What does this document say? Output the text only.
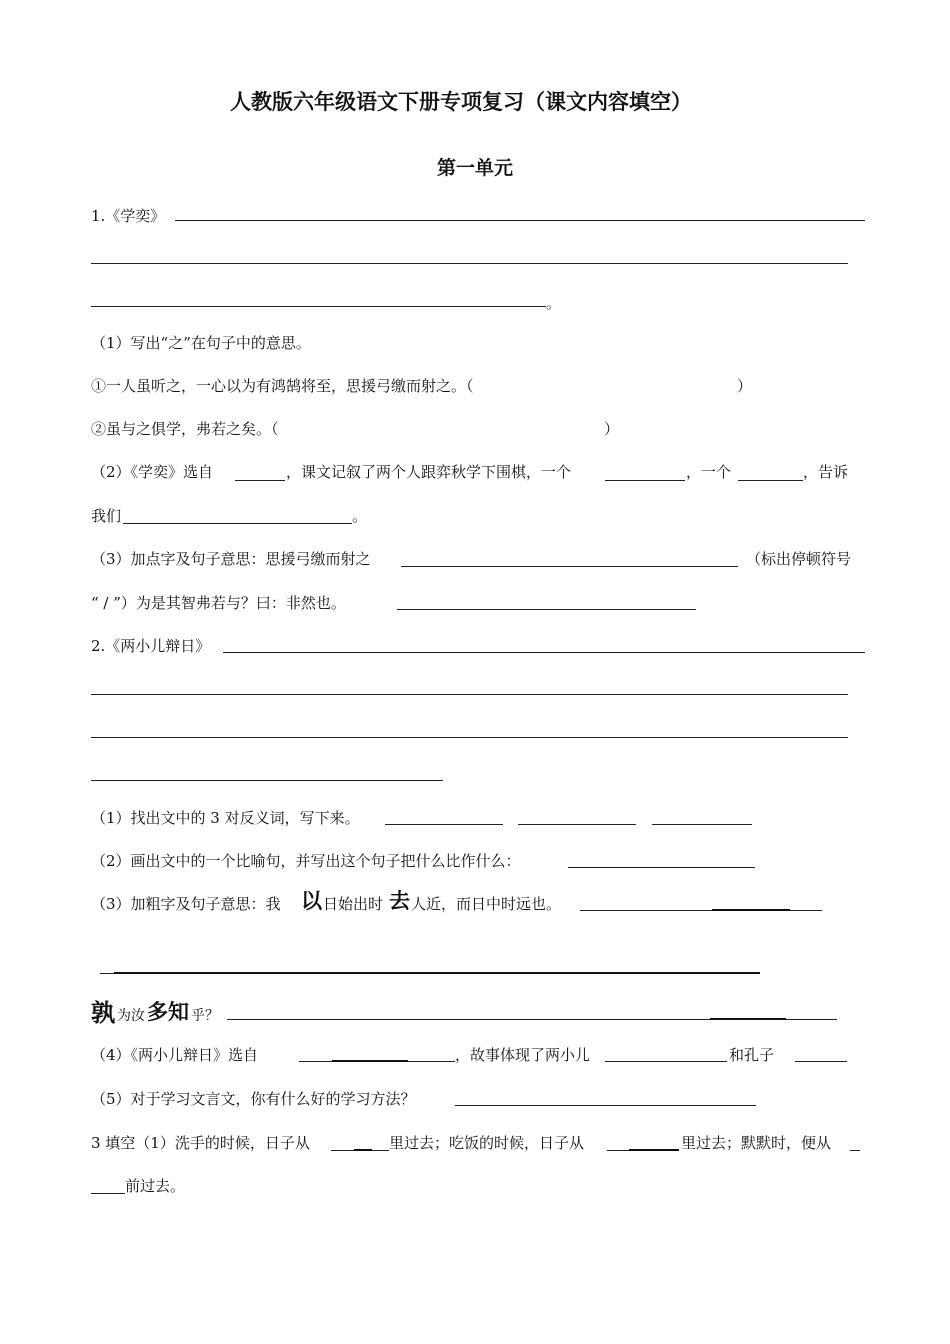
人教版六年级语文下册专项复习（课文内容填空）
第一单元
1.《学奕》
。
（1）写出“之”在句子中的意思。
①一人虽听之，一心以为有鸿鹄将至，思援弓缴而射之。（	）
②虽与之俱学，弗若之矣。（	）
（2）《学奕》选自	，课文记叙了两个人跟弈秋学下围棋，一个	，一个	，告诉
我们	。
（3）加点字及句子意思：思援弓缴而射之	（标出停顿符号
“ / ”）为是其智弗若与？曰：非然也。
2.《两小儿辩日》
（1）找出文中的 3 对反义词，写下来。
（2）画出文中的一个比喻句，并写出这个句子把什么比作什么：
（3）加粗字及句子意思：我 以 日始出时 去 人近，而日中时远也。
孰 为汝 多知 乎？
（4）《两小儿辩日》选自	，故事体现了两小儿	和孔子
（5）对于学习文言文，你有什么好的学习方法？
3 填空（1）洗手的时候，日子从	里过去；吃饭的时候，日子从	里过去；默默时，便从
前过去。
